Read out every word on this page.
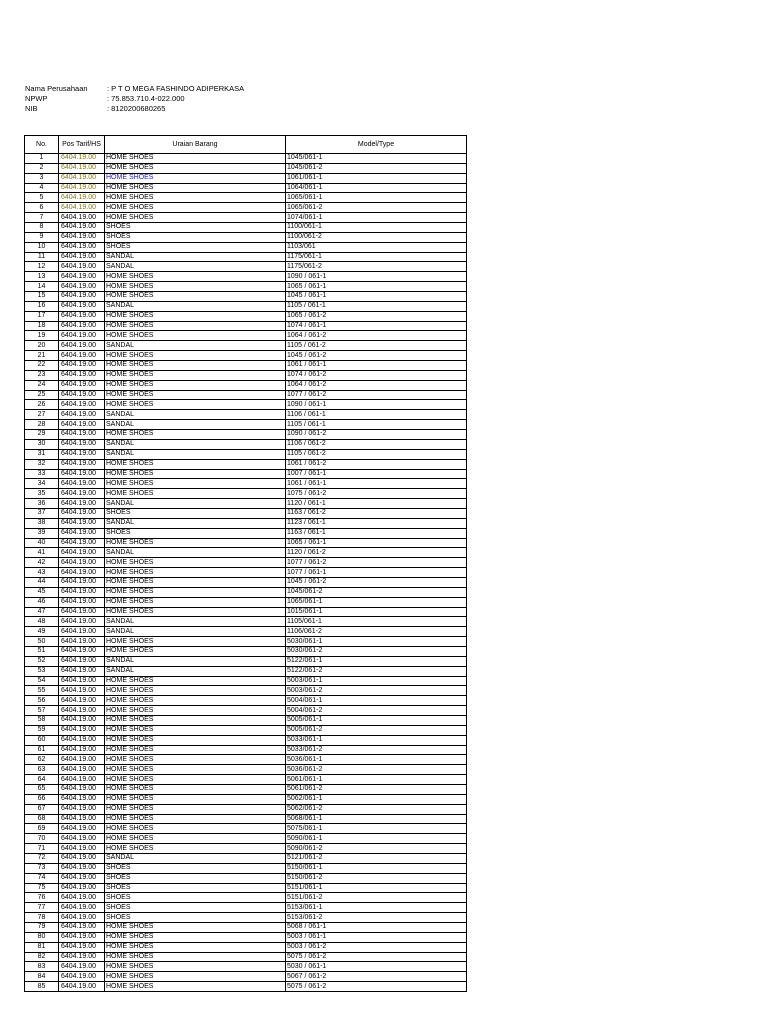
Nama Perusahaan	: P T O MEGA FASHINDO ADIPERKASA
NPWP	: 75.853.710.4-022.000
NIB	: 8120200680265
No.	Pos Tarif/HS	Uraian Barang	Model/Type
1	6404.19.00	HOME SHOES	1045/061-1
2	6404.19.00	HOME SHOES	1045/061-2
3	6404.19.00	HOME SHOES	1061/061-1
4	6404.19.00	HOME SHOES	1064/061-1
5	6404.19.00	HOME SHOES	1065/061-1
6	6404.19.00	HOME SHOES	1065/061-2
7	6404.19.00	HOME SHOES	1074/061-1
8	6404.19.00	SHOES	1100/061-1
9	6404.19.00	SHOES	1100/061-2
10	6404.19.00	SHOES	1103/061
11	6404.19.00	SANDAL	1175/061-1
12	6404.19.00	SANDAL	1175/061-2
13	6404.19.00	HOME SHOES	1090 / 061-1
14	6404.19.00	HOME SHOES	1065 / 061-1
15	6404.19.00	HOME SHOES	1045 / 061-1
16	6404.19.00	SANDAL	1105 / 061-1
17	6404.19.00	HOME SHOES	1065 / 061-2
18	6404.19.00	HOME SHOES	1074 / 061-1
19	6404.19.00	HOME SHOES	1064 / 061-2
20	6404.19.00	SANDAL	1105 / 061-2
21	6404.19.00	HOME SHOES	1045 / 061-2
22	6404.19.00	HOME SHOES	1061 / 061-1
23	6404.19.00	HOME SHOES	1074 / 061-2
24	6404.19.00	HOME SHOES	1064 / 061-2
25	6404.19.00	HOME SHOES	1077 / 061-2
26	6404.19.00	HOME SHOES	1090 / 061-1
27	6404.19.00	SANDAL	1106 / 061-1
28	6404.19.00	SANDAL	1105 / 061-1
29	6404.19.00	HOME SHOES	1090 / 061-2
30	6404.19.00	SANDAL	1106 / 061-2
31	6404.19.00	SANDAL	1105 / 061-2
32	6404.19.00	HOME SHOES	1061 / 061-2
33	6404.19.00	HOME SHOES	1007 / 061-1
34	6404.19.00	HOME SHOES	1061 / 061-1
35	6404.19.00	HOME SHOES	1075 / 061-2
36	6404.19.00	SANDAL	1120 / 061-1
37	6404.19.00	SHOES	1163 / 061-2
38	6404.19.00	SANDAL	1123 / 061-1
39	6404.19.00	SHOES	1163 / 061-1
40	6404.19.00	HOME SHOES	1065 / 061-1
41	6404.19.00	SANDAL	1120 / 061-2
42	6404.19.00	HOME SHOES	1077 / 061-2
43	6404.19.00	HOME SHOES	1077 / 061-1
44	6404.19.00	HOME SHOES	1045 / 061-2
45	6404.19.00	HOME SHOES	1045/061-2
46	6404.19.00	HOME SHOES	1065/061-1
47	6404.19.00	HOME SHOES	1015/061-1
48	6404.19.00	SANDAL	1105/061-1
49	6404.19.00	SANDAL	1106/061-2
50	6404.19.00	HOME SHOES	5030/061-1
51	6404.19.00	HOME SHOES	5030/061-2
52	6404.19.00	SANDAL	5122/061-1
53	6404.19.00	SANDAL	5122/061-2
54	6404.19.00	HOME SHOES	5003/061-1
55	6404.19.00	HOME SHOES	5003/061-2
56	6404.19.00	HOME SHOES	5004/061-1
57	6404.19.00	HOME SHOES	5004/061-2
58	6404.19.00	HOME SHOES	5005/061-1
59	6404.19.00	HOME SHOES	5005/061-2
60	6404.19.00	HOME SHOES	5033/061-1
61	6404.19.00	HOME SHOES	5033/061-2
62	6404.19.00	HOME SHOES	5036/061-1
63	6404.19.00	HOME SHOES	5036/061-2
64	6404.19.00	HOME SHOES	5061/061-1
65	6404.19.00	HOME SHOES	5061/061-2
66	6404.19.00	HOME SHOES	5062/061-1
67	6404.19.00	HOME SHOES	5062/061-2
68	6404.19.00	HOME SHOES	5068/061-1
69	6404.19.00	HOME SHOES	5075/061-1
70	6404.19.00	HOME SHOES	5090/061-1
71	6404.19.00	HOME SHOES	5090/061-2
72	6404.19.00	SANDAL	5121/061-2
73	6404.19.00	SHOES	5150/061-1
74	6404.19.00	SHOES	5150/061-2
75	6404.19.00	SHOES	5151/061-1
76	6404.19.00	SHOES	5151/061-2
77	6404.19.00	SHOES	5153/061-1
78	6404.19.00	SHOES	5153/061-2
79	6404.19.00	HOME SHOES	5068 / 061-1
80	6404.19.00	HOME SHOES	5003 / 061-1
81	6404.19.00	HOME SHOES	5003 / 061-2
82	6404.19.00	HOME SHOES	5075 / 061-2
83	6404.19.00	HOME SHOES	5030 / 061-1
84	6404.19.00	HOME SHOES	5067 / 061-2
85	6404.19.00	HOME SHOES	5075 / 061-2
